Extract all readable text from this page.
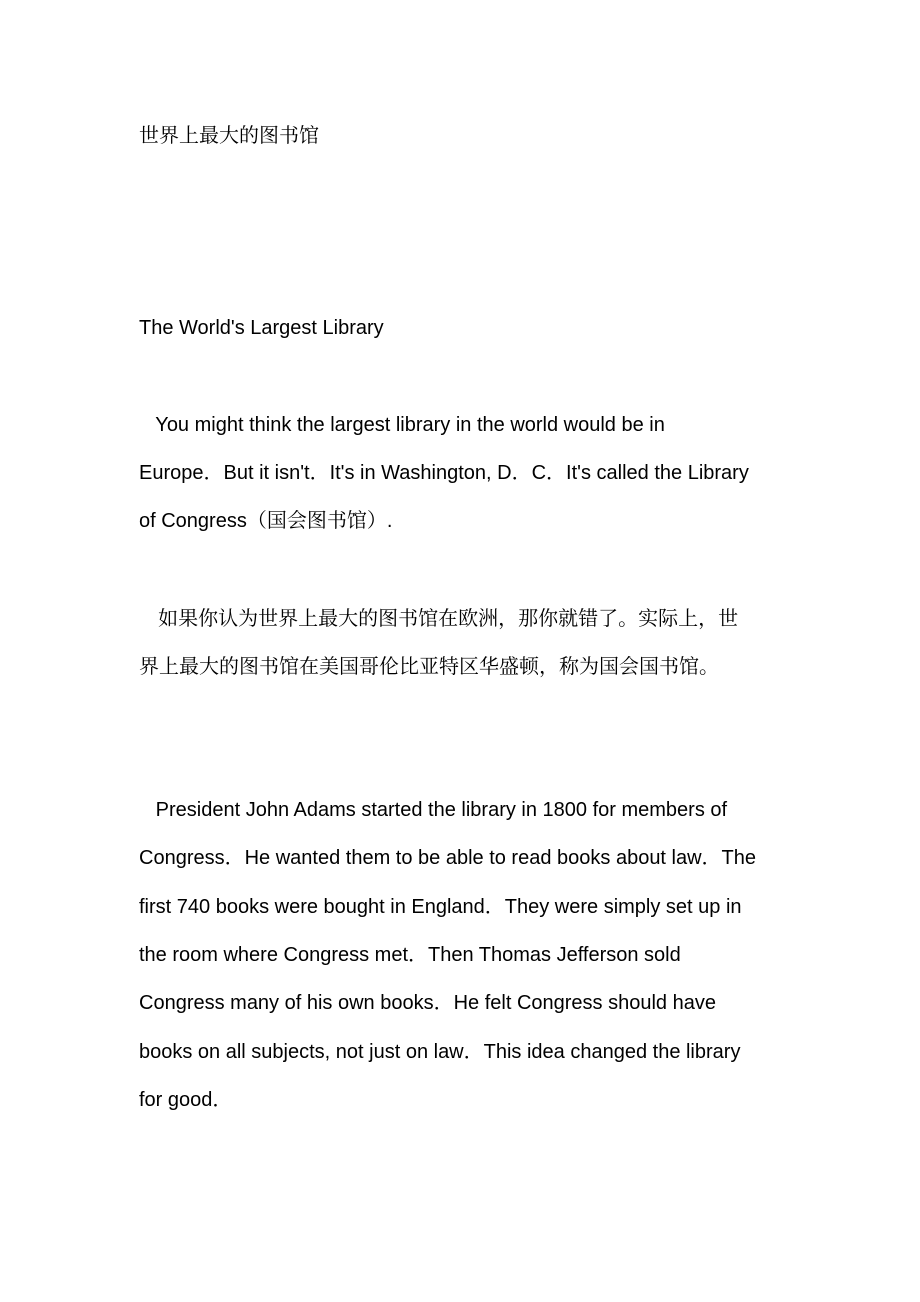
世界上最大的图书馆
The World's Largest Library
You might think the largest library in the world would be in
Europe．But it isn't．It's in Washington, D．C．It's called the Library
of Congress（国会图书馆）.
如果你认为世界上最大的图书馆在欧洲，那你就错了。实际上，世
界上最大的图书馆在美国哥伦比亚特区华盛顿，称为国会国书馆。
President John Adams started the library in 1800 for members of
Congress．He wanted them to be able to read books about law．The
first 740 books were bought in England．They were simply set up in
the room where Congress met．Then Thomas Jefferson sold
Congress many of his own books．He felt Congress should have
books on all subjects, not just on law．This idea changed the library
for good．
